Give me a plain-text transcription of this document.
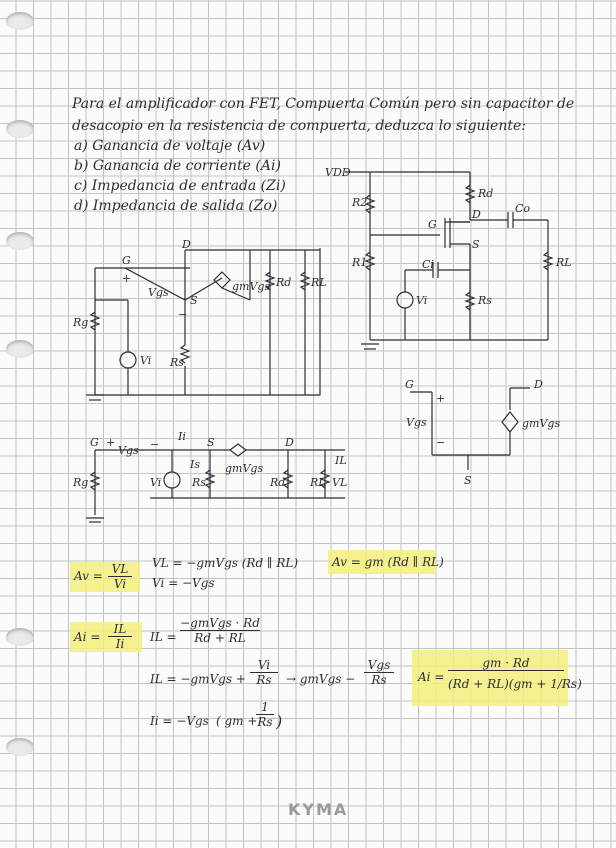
Para el amplificador con FET, Compuerta Común pero sin capacitor de
desacopio en la resistencia de compuerta, deduzca lo siguiente:
a) Ganancia de voltaje (Av)
b) Ganancia de corriente (Ai)
c) Impedancia de entrada (Zi)
d) Impedancia de salida (Zo)
VDD
R2
R1
Rd
Co
D
G
S
Ci	RL
Vi	Rs
G
D
+
Vgs
S
−
gmVgs Rd RL
Rg
Vi Rs
G
+
Vgs
−
S
D
gmVgs
G +
Vgs −
Ii S
Is gmVgs
D
IL
Rg	Vi	Rs	Rd RL VL
$Av = \frac{VL}{Vi}$ VL = −gmVgs (Rd ∥ RL)
Vi = −Vgs
Av = gm (Rd ∥ RL)
$Ai = \frac{IL}{Ii}$ IL =
−gmVgs · Rd
Rd + RL
IL = −gmVgs + $\frac{Vi}{Rs}$ → gmVgs −
Vgs
Rs
Ii = −Vgs ( gm +
$\frac{1}{Rs}$ )
$Ai = \frac{gm \cdot Rd}{(Rd + RL)(gm + 1/Rs)}$
KYMA
